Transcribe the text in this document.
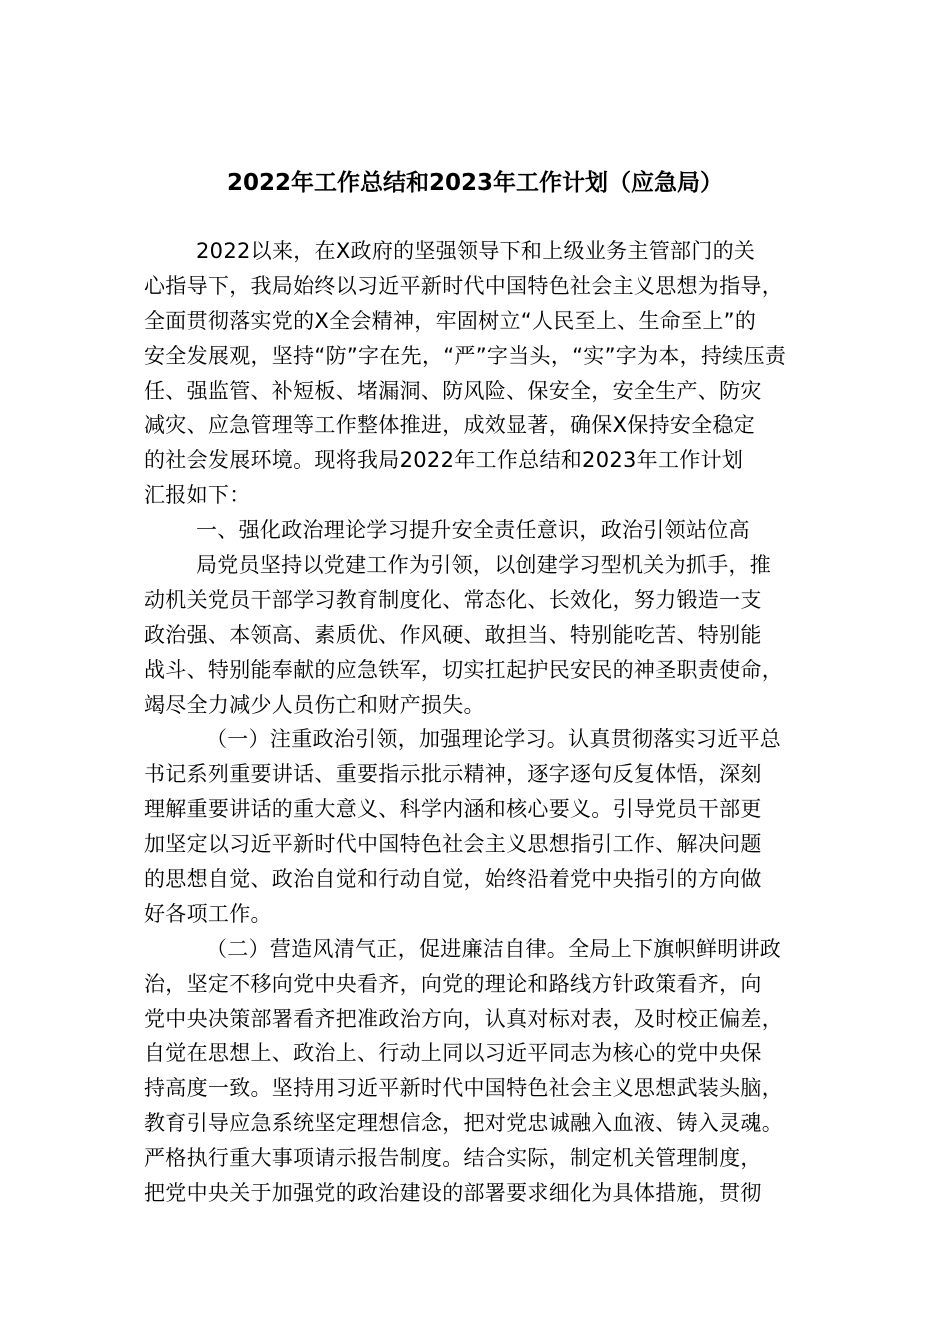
2022年工作总结和2023年工作计划（应急局）
2022以来，在X政府的坚强领导下和上级业务主管部门的关
心指导下，我局始终以习近平新时代中国特色社会主义思想为指导，
全面贯彻落实党的X全会精神，牢固树立“人民至上、生命至上”的
安全发展观，坚持“防”字在先，“严”字当头，“实”字为本，持续压责
任、强监管、补短板、堵漏洞、防风险、保安全，安全生产、防灾
减灾、应急管理等工作整体推进，成效显著，确保X保持安全稳定
的社会发展环境。现将我局2022年工作总结和2023年工作计划
汇报如下：
一、强化政治理论学习提升安全责任意识，政治引领站位高
局党员坚持以党建工作为引领，以创建学习型机关为抓手，推
动机关党员干部学习教育制度化、常态化、长效化，努力锻造一支
政治强、本领高、素质优、作风硬、敢担当、特别能吃苦、特别能
战斗、特别能奉献的应急铁军，切实扛起护民安民的神圣职责使命，
竭尽全力减少人员伤亡和财产损失。
（一）注重政治引领，加强理论学习。认真贯彻落实习近平总
书记系列重要讲话、重要指示批示精神，逐字逐句反复体悟，深刻
理解重要讲话的重大意义、科学内涵和核心要义。引导党员干部更
加坚定以习近平新时代中国特色社会主义思想指引工作、解决问题
的思想自觉、政治自觉和行动自觉，始终沿着党中央指引的方向做
好各项工作。
（二）营造风清气正，促进廉洁自律。全局上下旗帜鲜明讲政
治，坚定不移向党中央看齐，向党的理论和路线方针政策看齐，向
党中央决策部署看齐把准政治方向，认真对标对表，及时校正偏差，
自觉在思想上、政治上、行动上同以习近平同志为核心的党中央保
持高度一致。坚持用习近平新时代中国特色社会主义思想武装头脑，
教育引导应急系统坚定理想信念，把对党忠诚融入血液、铸入灵魂。
严格执行重大事项请示报告制度。结合实际，制定机关管理制度，
把党中央关于加强党的政治建设的部署要求细化为具体措施，贯彻
